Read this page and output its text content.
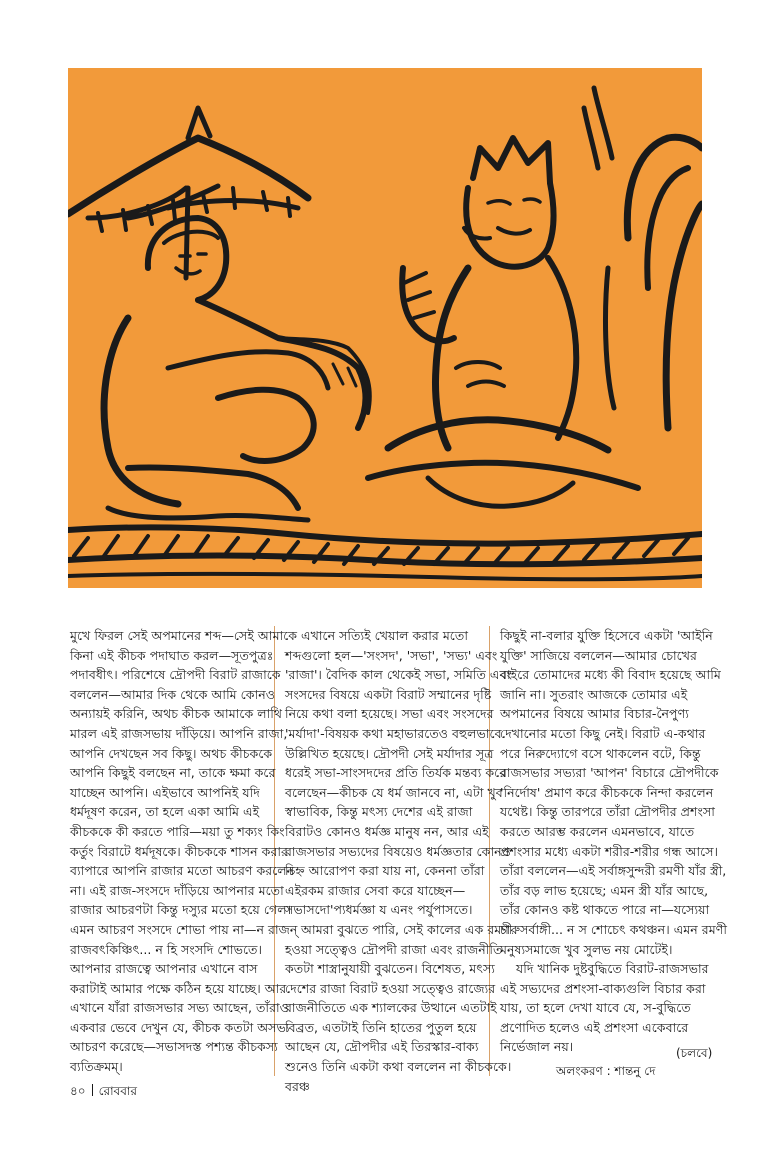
মুখে ফিরল সেই অপমানের শব্দ—সেই আমাকে কিনা এই কীচক পদাঘাত করল—সূতপুত্রঃ পদাবধীৎ। পরিশেষে দ্রৌপদী বিরাট রাজাকে বললেন—আমার দিক থেকে আমি কোনও অন্যায়ই করিনি, অথচ কীচক আমাকে লাথি মারল এই রাজসভায় দাঁড়িয়ে। আপনি রাজা, আপনি দেখছেন সব কিছু। অথচ কীচককে আপনি কিছুই বলছেন না, তাকে ক্ষমা করে যাচ্ছেন আপনি। এইভাবে আপনিই যদি ধর্মদূষণ করেন, তা হলে একা আমি এই কীচককে কী করতে পারি—ময়া তু শক্যং কিং কর্তুং বিরাটে ধর্মদূষকে। কীচককে শাসন করার ব্যাপারে আপনি রাজার মতো আচরণ করলেন না। এই রাজ-সংসদে দাঁড়িয়ে আপনার মতো রাজার আচরণটা কিন্তু দস্যুর মতো হয়ে গেল। এমন আচরণ সংসদে শোভা পায় না—ন রাজন্ রাজবৎকিঞ্চিৎ... ন হি সংসদি শোভতে। আপনার রাজত্বে আপনার এখানে বাস করাটাই আমার পক্ষে কঠিন হয়ে যাচ্ছে। আর এখানে যাঁরা রাজসভার সভ্য আছেন, তাঁরাও একবার ভেবে দেখুন যে, কীচক কতটা অসভ্য আচরণ করেছে—সভাসদস্ত পশ্যন্ত কীচকস্য ব্যতিক্রমম্।

এখানে সত্যিই খেয়াল করার মতো শব্দগুলো হল—'সংসদ', 'সভা', 'সভ্য' এবং 'রাজা'। বৈদিক কাল থেকেই সভা, সমিতি এবং সংসদের বিষয়ে একটা বিরাট সম্মানের দৃষ্টি নিয়ে কথা বলা হয়েছে। সভা এবং সংসদের 'মর্যাদা'-বিষয়ক কথা মহাভারতেও বহুলভাবে উল্লিখিত হয়েছে। দ্রৌপদী সেই মর্যাদার সূত্র ধরেই সভা-সাংসদদের প্রতি তির্যক মন্তব্য করে বলেছেন—কীচক যে ধর্ম জানবে না, এটা খুব স্বাভাবিক, কিন্তু মৎস্য দেশের এই রাজা বিরাটও কোনও ধর্মজ্ঞ মানুষ নন, আর এই রাজসভার সভ্যদের বিষয়েও ধর্মজ্ঞতার কোনও চিহ্ন আরোপণ করা যায় না, কেননা তাঁরা এইরকম রাজার সেবা করে যাচ্ছেন—সভাসদো'প্যধর্মজ্ঞা য এনং পর্যুপাসতে।

আমরা বুঝতে পারি, সেই কালের এক রমণী হওয়া সত্ত্বেও দ্রৌপদী রাজা এবং রাজনীতি কতটা শাস্ত্রানুযায়ী বুঝতেন। বিশেষত, মৎস্য দেশের রাজা বিরাট হওয়া সত্ত্বেও রাজ্যের রাজনীতিতে এক শ্যালকের উত্থানে এতটাই বিব্রত, এতটাই তিনি হাতের পুতুল হয়ে আছেন যে, দ্রৌপদীর এই তিরস্কার-বাক্য শুনেও তিনি একটা কথা বললেন না কীচককে। বরঞ্চ

কিছুই না-বলার যুক্তি হিসেবে একটা 'আইনি যুক্তি' সাজিয়ে বললেন—আমার চোখের বাইরে তোমাদের মধ্যে কী বিবাদ হয়েছে আমি জানি না। সুতরাং আজকে তোমার এই অপমানের বিষয়ে আমার বিচার-নৈপুণ্য দেখানোর মতো কিছু নেই। বিরাট এ-কথার পরে নিরুদ্যোগে বসে থাকলেন বটে, কিন্তু রাজসভার সভ্যরা 'আপন' বিচারে দ্রৌপদীকে 'নির্দোষ' প্রমাণ করে কীচককে নিন্দা করলেন যথেষ্ট। কিন্তু তারপরে তাঁরা দ্রৌপদীর প্রশংসা করতে আরম্ভ করলেন এমনভাবে, যাতে প্রশংসার মধ্যে একটা শরীর-শরীর গন্ধ আসে। তাঁরা বললেন—এই সর্বাঙ্গসুন্দরী রমণী যাঁর স্ত্রী, তাঁর বড় লাভ হয়েছে; এমন স্ত্রী যাঁর আছে, তাঁর কোনও কষ্ট থাকতে পারে না—যস্যেয়া চারুসর্বাঙ্গী... ন স শোচেৎ কথঞ্চন। এমন রমণী মনুষ্যসমাজে খুব সুলভ নয় মোটেই।

যদি খানিক দুষ্টবুদ্ধিতে বিরাট-রাজসভার এই সভ্যদের প্রশংসা-বাক্যগুলি বিচার করা যায়, তা হলে দেখা যাবে যে, স-বুদ্ধিতে প্রণোদিত হলেও এই প্রশংসা একেবারে নির্ভেজাল নয়।	(চলবে)
অলংকরণ : শান্তনু দে
৪০ রোববার
